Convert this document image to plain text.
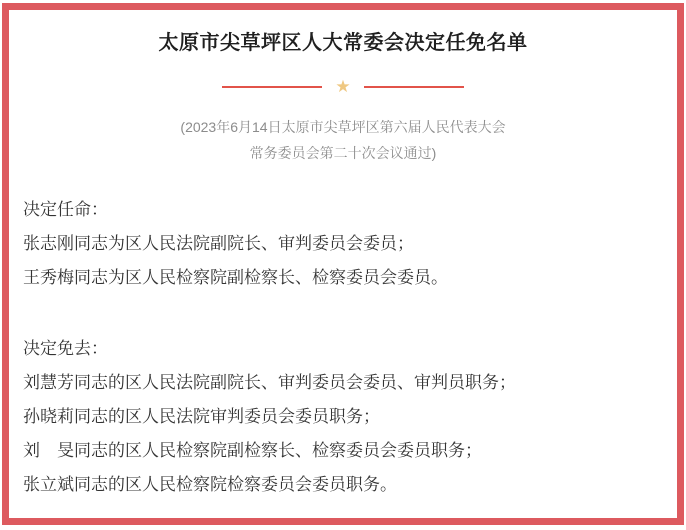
太原市尖草坪区人大常委会决定任免名单
★

(2023年6月14日太原市尖草坪区第六届人民代表大会

常务委员会第二十次会议通过)

决定任命：

张志刚同志为区人民法院副院长、审判委员会委员；

王秀梅同志为区人民检察院副检察长、检察委员会委员。

决定免去：

刘慧芳同志的区人民法院副院长、审判委员会委员、审判员职务；

孙晓莉同志的区人民法院审判委员会委员职务；

刘　旻同志的区人民检察院副检察长、检察委员会委员职务；

张立斌同志的区人民检察院检察委员会委员职务。
